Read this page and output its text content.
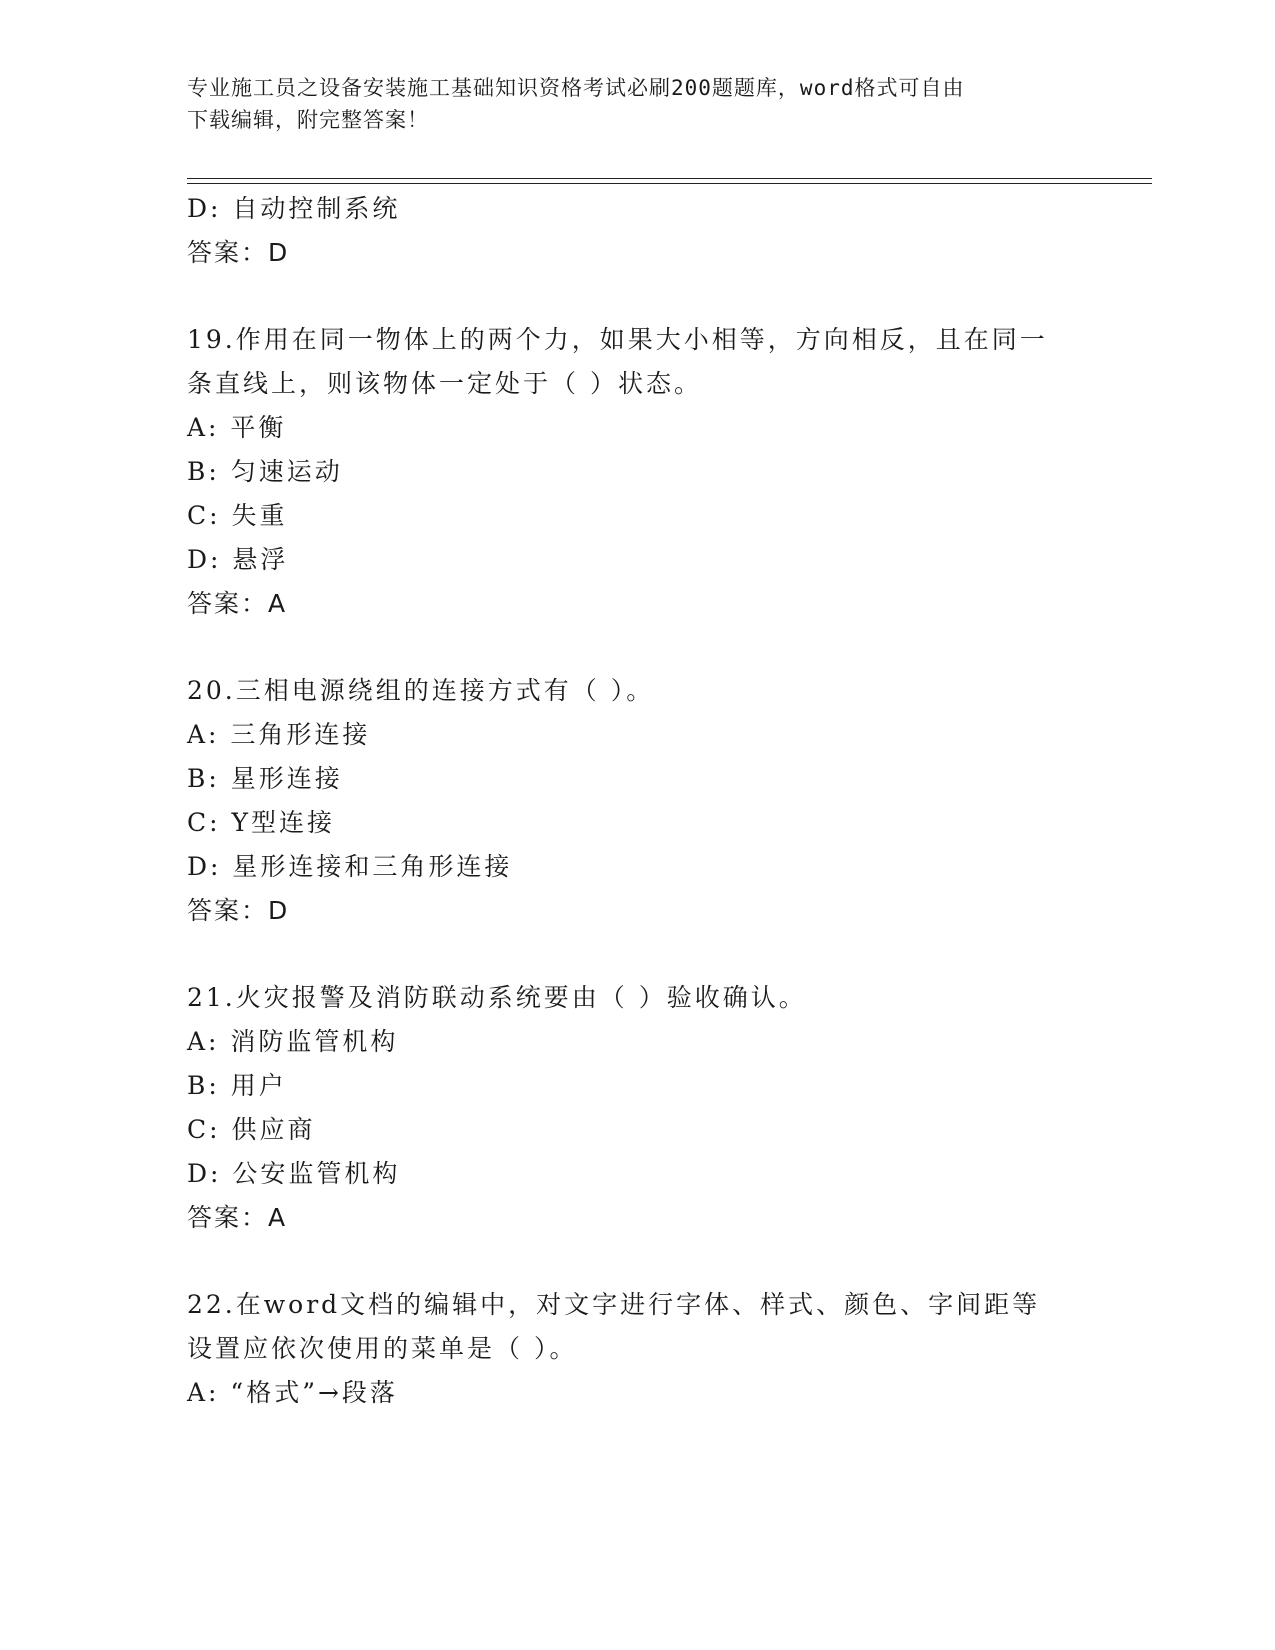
专业施工员之设备安装施工基础知识资格考试必刷200题题库，word格式可自由
下载编辑，附完整答案！
D: 自动控制系统
答案：D
19.作用在同一物体上的两个力，如果大小相等，方向相反，且在同一
条直线上，则该物体一定处于（ ）状态。
A: 平衡
B: 匀速运动
C: 失重
D: 悬浮
答案：A
20.三相电源绕组的连接方式有（ ）。
A: 三角形连接
B: 星形连接
C: Y型连接
D: 星形连接和三角形连接
答案：D
21.火灾报警及消防联动系统要由（ ）验收确认。
A: 消防监管机构
B: 用户
C: 供应商
D: 公安监管机构
答案：A
22.在word文档的编辑中，对文字进行字体、样式、颜色、字间距等
设置应依次使用的菜单是（ ）。
A: “格式”→段落
